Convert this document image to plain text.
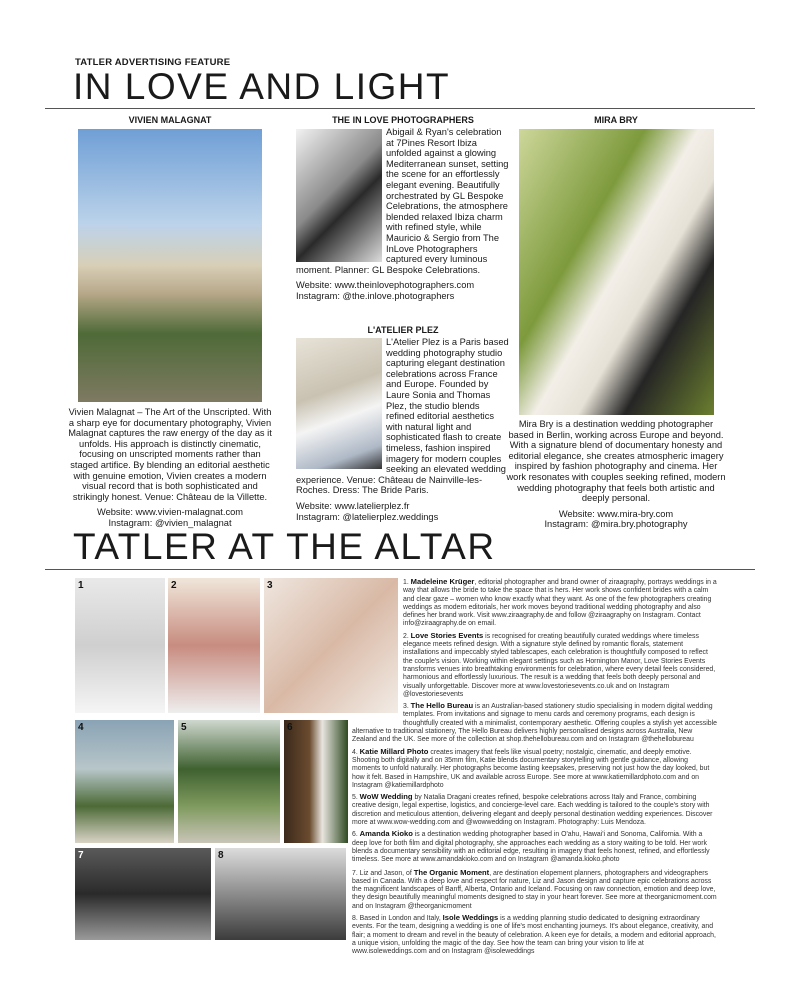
TATLER ADVERTISING FEATURE
IN LOVE AND LIGHT
VIVIEN MALAGNAT
Vivien Malagnat – The Art of the Unscripted. With a sharp eye for documentary photography, Vivien Malagnat captures the raw energy of the day as it unfolds. His approach is distinctly cinematic, focusing on unscripted moments rather than staged artifice. By blending an editorial aesthetic with genuine emotion, Vivien creates a modern visual record that is both sophisticated and strikingly honest. Venue: Château de la Villette.
Website: www.vivien-malagnat.com
Instagram: @vivien_malagnat
THE IN LOVE PHOTOGRAPHERS
Abigail & Ryan's celebration at 7Pines Resort Ibiza unfolded against a glowing Mediterranean sunset, setting the scene for an effortlessly elegant evening. Beautifully orchestrated by GL Bespoke Celebrations, the atmosphere blended relaxed Ibiza charm with refined style, while Mauricio & Sergio from The InLove Photographers captured every luminous moment. Planner: GL Bespoke Celebrations.
Website: www.theinlovephotographers.com
Instagram: @the.inlove.photographers
L'ATELIER PLEZ
L'Atelier Plez is a Paris based wedding photography studio capturing elegant destination celebrations across France and Europe. Founded by Laure Sonia and Thomas Plez, the studio blends refined editorial aesthetics with natural light and sophisticated flash to create timeless, fashion inspired imagery for modern couples seeking an elevated wedding experience. Venue: Château de Nainville-les-Roches. Dress: The Bride Paris.
Website: www.latelierplez.fr
Instagram: @latelierplez.weddings
MIRA BRY
Mira Bry is a destination wedding photographer based in Berlin, working across Europe and beyond. With a signature blend of documentary honesty and editorial elegance, she creates atmospheric imagery inspired by fashion photography and cinema. Her work resonates with couples seeking refined, modern wedding photography that feels both artistic and deeply personal.
Website: www.mira-bry.com
Instagram: @mira.bry.photography
TATLER AT THE ALTAR
1	2	3
4	5	6
7	8

1. Madeleine Krüger, editorial photographer and brand owner of ziraagraphy, portrays weddings in a way that allows the bride to take the space that is hers. Her work shows confident brides with a calm and clear gaze – women who know exactly what they want. As one of the few photographers creating weddings as modern editorials, her work moves beyond traditional wedding photography and also defines her brand work. Visit www.ziraagraphy.de and follow @ziraagraphy on Instagram. Contact info@ziraagraphy.de on email.

2. Love Stories Events is recognised for creating beautifully curated weddings where timeless elegance meets refined design. With a signature style defined by romantic florals, statement installations and impeccably styled tablescapes, each celebration is thoughtfully composed to reflect the couple's vision. Working within elegant settings such as Hornington Manor, Love Stories Events transforms venues into breathtaking environments for celebration, where every detail feels considered, harmonious and effortlessly luxurious. The result is a wedding that feels both deeply personal and visually unforgettable. Discover more at www.lovestoriesevents.co.uk and on Instagram @lovestoriesevents

3. The Hello Bureau is an Australian-based stationery studio specialising in modern digital wedding templates. From invitations and signage to menu cards and ceremony programs, each design is thoughtfully created with a minimalist, contemporary aesthetic. Offering couples a stylish yet accessible alternative to traditional stationery, The Hello Bureau delivers highly personalised designs across Australia, New Zealand and the UK. See more of the collection at shop.thehellobureau.com and on Instagram @thehellobureau

4. Katie Millard Photo creates imagery that feels like visual poetry; nostalgic, cinematic, and deeply emotive. Shooting both digitally and on 35mm film, Katie blends documentary storytelling with gentle guidance, allowing moments to unfold naturally. Her photographs become lasting keepsakes, preserving not just how the day looked, but how it felt. Based in Hampshire, UK and available across Europe. See more at www.katiemillardphoto.com and on Instagram @katiemillardphoto

5. WoW Wedding by Natalia Dragani creates refined, bespoke celebrations across Italy and France, combining creative design, legal expertise, logistics, and concierge-level care. Each wedding is tailored to the couple's story with discretion and meticulous attention, delivering elegant and deeply personal destination wedding experiences. Discover more at www.wow-wedding.com and @wowwedding on Instagram. Photography: Luis Mendoza.

6. Amanda Kioko is a destination wedding photographer based in O'ahu, Hawai'i and Sonoma, California. With a deep love for both film and digital photography, she approaches each wedding as a story waiting to be told. Her work blends a documentary sensibility with an editorial edge, resulting in imagery that feels honest, refined, and effortlessly timeless. See more at www.amandakioko.com and on Instagram @amanda.kioko.photo

7. Liz and Jason, of The Organic Moment, are destination elopement planners, photographers and videographers based in Canada. With a deep love and respect for nature, Liz and Jason design and capture epic celebrations across the magnificent landscapes of Banff, Alberta, Ontario and Iceland. Focusing on raw connection, emotion and deep love, they design beautifully meaningful moments designed to stay in your heart forever. See more at theorganicmoment.com and on Instagram @theorganicmoment

8. Based in London and Italy, Isole Weddings is a wedding planning studio dedicated to designing extraordinary events. For the team, designing a wedding is one of life's most enchanting journeys. It's about elegance, creativity, and flair; a moment to dream and revel in the beauty of celebration. A keen eye for details, a modern and editorial approach, a unique vision, unfolding the magic of the day. See how the team can bring your vision to life at www.isoleweddings.com and on Instagram @isoleweddings
